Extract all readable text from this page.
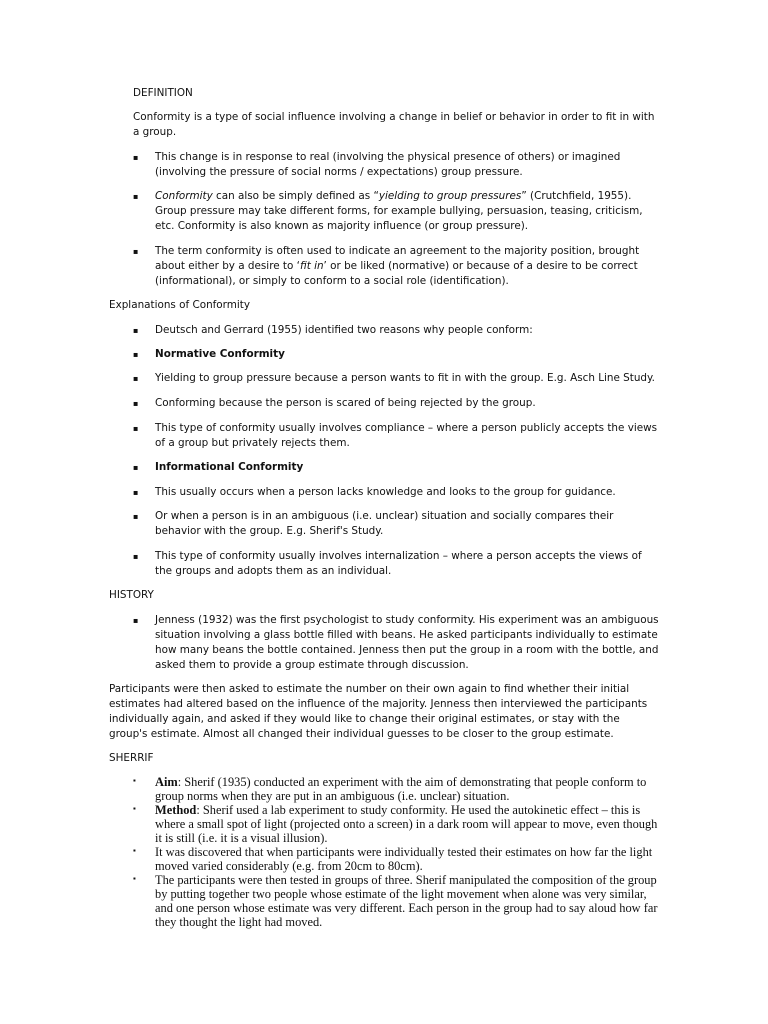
DEFINITION
Conformity is a type of social influence involving a change in belief or behavior in order to fit in with a group.
▪ This change is in response to real (involving the physical presence of others) or imagined (involving the pressure of social norms / expectations) group pressure.
▪ Conformity can also be simply defined as “yielding to group pressures” (Crutchfield, 1955). Group pressure may take different forms, for example bullying, persuasion, teasing, criticism, etc. Conformity is also known as majority influence (or group pressure).
▪ The term conformity is often used to indicate an agreement to the majority position, brought about either by a desire to ‘fit in’ or be liked (normative) or because of a desire to be correct (informational), or simply to conform to a social role (identification).
Explanations of Conformity
▪ Deutsch and Gerrard (1955) identified two reasons why people conform:
▪ Normative Conformity
▪ Yielding to group pressure because a person wants to fit in with the group. E.g. Asch Line Study.
▪ Conforming because the person is scared of being rejected by the group.
▪ This type of conformity usually involves compliance – where a person publicly accepts the views of a group but privately rejects them.
▪ Informational Conformity
▪ This usually occurs when a person lacks knowledge and looks to the group for guidance.
▪ Or when a person is in an ambiguous (i.e. unclear) situation and socially compares their behavior with the group. E.g. Sherif's Study.
▪ This type of conformity usually involves internalization – where a person accepts the views of the groups and adopts them as an individual.
HISTORY
▪ Jenness (1932) was the first psychologist to study conformity. His experiment was an ambiguous situation involving a glass bottle filled with beans. He asked participants individually to estimate how many beans the bottle contained. Jenness then put the group in a room with the bottle, and asked them to provide a group estimate through discussion.
Participants were then asked to estimate the number on their own again to find whether their initial estimates had altered based on the influence of the majority. Jenness then interviewed the participants individually again, and asked if they would like to change their original estimates, or stay with the group's estimate. Almost all changed their individual guesses to be closer to the group estimate.
SHERRIF
▪ Aim: Sherif (1935) conducted an experiment with the aim of demonstrating that people conform to group norms when they are put in an ambiguous (i.e. unclear) situation.
▪ Method: Sherif used a lab experiment to study conformity. He used the autokinetic effect – this is where a small spot of light (projected onto a screen) in a dark room will appear to move, even though it is still (i.e. it is a visual illusion).
▪ It was discovered that when participants were individually tested their estimates on how far the light moved varied considerably (e.g. from 20cm to 80cm).
▪ The participants were then tested in groups of three. Sherif manipulated the composition of the group by putting together two people whose estimate of the light movement when alone was very similar, and one person whose estimate was very different. Each person in the group had to say aloud how far they thought the light had moved.
